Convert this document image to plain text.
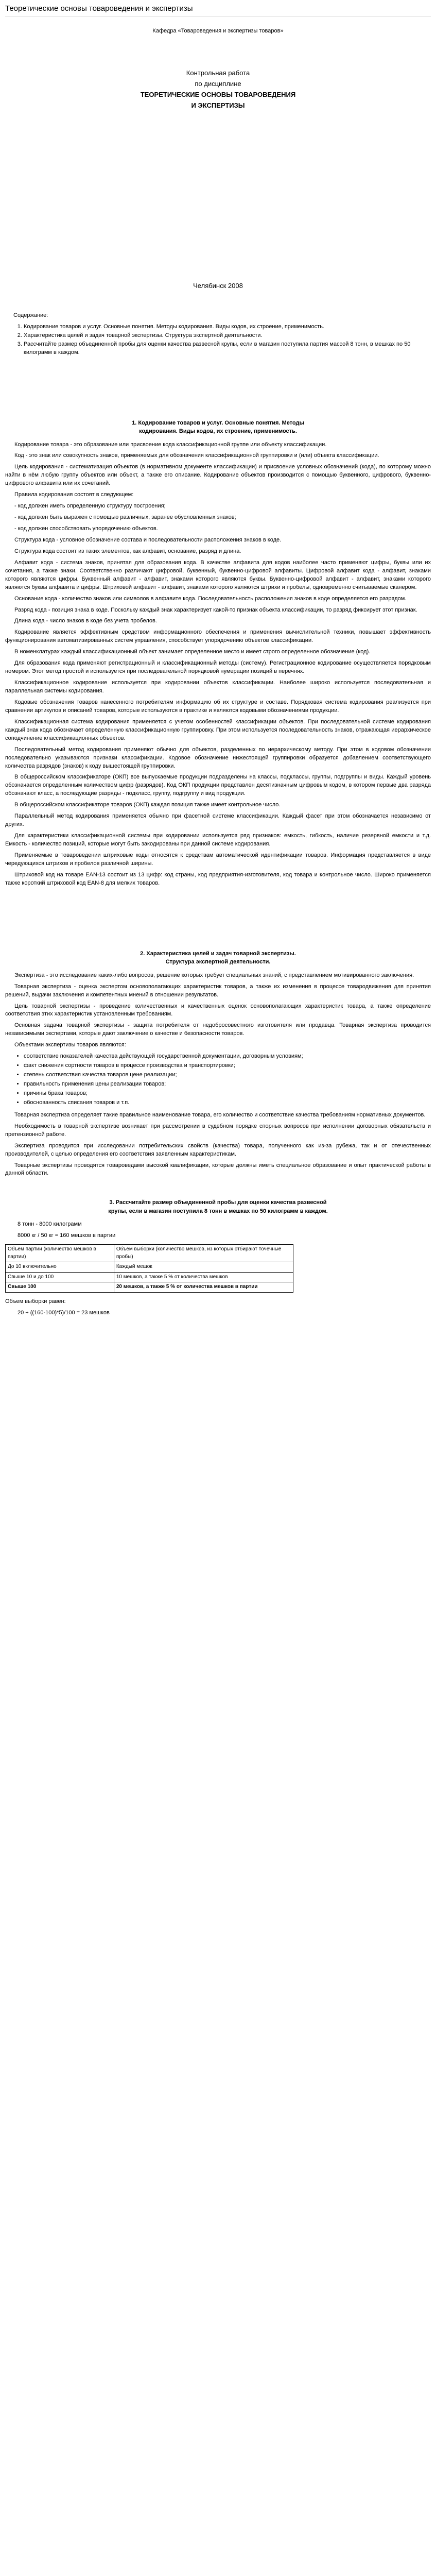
Теоретические основы товароведения и экспертизы
Кафедра «Товароведения и экспертизы товаров»
Контрольная работа
по дисциплине
ТЕОРЕТИЧЕСКИЕ ОСНОВЫ ТОВАРОВЕДЕНИЯ
И ЭКСПЕРТИЗЫ
Челябинск 2008
Содержание:
1. Кодирование товаров и услуг. Основные понятия. Методы кодирования. Виды кодов, их строение, применимость.
2. Характеристика целей и задач товарной экспертизы. Структура экспертной деятельности.
3. Рассчитайте размер объединенной пробы для оценки качества развесной крупы, если в магазин поступила партия массой 8 тонн, в мешках по 50 килограмм в каждом.
1. Кодирование товаров и услуг. Основные понятия. Методы
кодирования. Виды кодов, их строение, применимость.

Кодирование товара - это образование или присвоение кода классификационной группе или объекту классификации.

Код - это знак или совокупность знаков, применяемых для обозначения классификационной группировки и (или) объекта классификации.

Цель кодирования - систематизация объектов (в нормативном документе классификации) и присвоение условных обозначений (кода), по которому можно найти в нём любую группу объектов или объект, а также его описание. Кодирование объектов производится с помощью буквенного, цифрового, буквенно-цифрового алфавита или их сочетаний.

Правила кодирования состоят в следующем:

- код должен иметь определенную структуру построения;

- код должен быть выражен с помощью различных, заранее обусловленных знаков;

- код должен способствовать упорядочению объектов.

Структура кода - условное обозначение состава и последовательности расположения знаков в коде.

Структура кода состоит из таких элементов, как алфавит, основание, разряд и длина.

Алфавит кода - система знаков, принятая для образования кода. В качестве алфавита для кодов наиболее часто применяют цифры, буквы или их сочетания, а также знаки. Соответственно различают цифровой, буквенный, буквенно-цифровой алфавиты. Цифровой алфавит кода - алфавит, знаками которого являются цифры. Буквенный алфавит - алфавит, знаками которого являются буквы. Буквенно-цифровой алфавит - алфавит, знаками которого являются буквы алфавита и цифры. Штриховой алфавит - алфавит, знаками которого являются штрихи и пробелы, одновременно считываемые сканером.

Основание кода - количество знаков или символов в алфавите кода. Последовательность расположения знаков в коде определяется его разрядом.

Разряд кода - позиция знака в коде. Поскольку каждый знак характеризует какой-то признак объекта классификации, то разряд фиксирует этот признак.

Длина кода - число знаков в коде без учета пробелов.

Кодирование является эффективным средством информационного обеспечения и применения вычислительной техники, повышает эффективность функционирования автоматизированных систем управления, способствует упорядочению объектов классификации.

В номенклатурах каждый классификационный объект занимает определенное место и имеет строго определенное обозначение (код).

Для образования кода применяют регистрационный и классификационный методы (систему). Регистрационное кодирование осуществляется порядковым номером. Этот метод простой и используется при последовательной порядковой нумерации позиций в перечнях.

Классификационное кодирование используется при кодировании объектов классификации. Наиболее широко используется последовательная и параллельная системы кодирования.

Кодовые обозначения товаров нанесенного потребителям информацию об их структуре и составе. Порядковая система кодирования реализуется при сравнении артикулов и описаний товаров, которые используются в практике и являются кодовыми обозначениями продукции.

Классификационная система кодирования применяется с учетом особенностей классификации объектов. При последовательной системе кодирования каждый знак кода обозначает определенную классификационную группировку. При этом используется последовательность знаков, отражающая иерархическое соподчинение классификационных объектов.

Последовательный метод кодирования применяют обычно для объектов, разделенных по иерархическому методу. При этом в кодовом обозначении последовательно указываются признаки классификации. Кодовое обозначение нижестоящей группировки образуется добавлением соответствующего количества разрядов (знаков) к коду вышестоящей группировки.

В общероссийском классификаторе (ОКП) все выпускаемые продукции подразделены на классы, подклассы, группы, подгруппы и виды. Каждый уровень обозначается определенным количеством цифр (разрядов). Код ОКП продукции представлен десятизначным цифровым кодом, в котором первые два разряда обозначают класс, а последующие разряды - подкласс, группу, подгруппу и вид продукции.

В общероссийском классификаторе товаров (ОКП) каждая позиция также имеет контрольное число.

Параллельный метод кодирования применяется обычно при фасетной системе классификации. Каждый фасет при этом обозначается независимо от других.

Для характеристики классификационной системы при кодировании используется ряд признаков: емкость, гибкость, наличие резервной емкости и т.д. Емкость - количество позиций, которые могут быть закодированы при данной системе кодирования.

Применяемые в товароведении штриховые коды относятся к средствам автоматической идентификации товаров. Информация представляется в виде чередующихся штрихов и пробелов различной ширины.

Штриховой код на товаре EAN-13 состоит из 13 цифр: код страны, код предприятия-изготовителя, код товара и контрольное число. Широко применяется также короткий штриховой код EAN-8 для мелких товаров.

2. Характеристика целей и задач товарной экспертизы.
Структура экспертной деятельности.

Экспертиза - это исследование каких-либо вопросов, решение которых требует специальных знаний, с представлением мотивированного заключения.

Товарная экспертиза - оценка экспертом основополагающих характеристик товаров, а также их изменения в процессе товародвижения для принятия решений, выдачи заключения и компетентных мнений в отношении результатов.

Цель товарной экспертизы - проведение количественных и качественных оценок основополагающих характеристик товара, а также определение соответствия этих характеристик установленным требованиям.

Основная задача товарной экспертизы - защита потребителя от недобросовестного изготовителя или продавца. Товарная экспертиза проводится независимыми экспертами, которые дают заключение о качестве и безопасности товаров.

Объектами экспертизы товаров являются:

• соответствие показателей качества действующей государственной документации, договорным условиям;
• факт снижения сортности товаров в процессе производства и транспортировки;
• степень соответствия качества товаров цене реализации;
• правильность применения цены реализации товаров;
• причины брака товаров;
• обоснованность списания товаров и т.п.

Товарная экспертиза определяет такие правильное наименование товара, его количество и соответствие качества требованиям нормативных документов.

Необходимость в товарной экспертизе возникает при рассмотрении в судебном порядке спорных вопросов при исполнении договорных обязательств и претензионной работе.

Экспертиза проводится при исследовании потребительских свойств (качества) товара, полученного как из-за рубежа, так и от отечественных производителей, с целью определения его соответствия заявленным характеристикам.

Товарные экспертизы проводятся товароведами высокой квалификации, которые должны иметь специальное образование и опыт практической работы в данной области.

3. Рассчитайте размер объединенной пробы для оценки качества развесной
крупы, если в магазин поступила 8 тонн в мешках по 50 килограмм в каждом.
8 тонн - 8000 килограмм
8000 кг / 50 кг = 160 мешков в партии
Объем партии (количество мешков в партии)	Объем выборки (количество мешков, из которых отбирают точечные пробы)
До 10 включительно	Каждый мешок
Свыше 10 и до 100	10 мешков, а также 5 % от количества мешков
Свыше 100	20 мешков, а также 5 % от количества мешков в партии
Объем выборки равен:
20 + ((160-100)*5)/100 = 23 мешков
